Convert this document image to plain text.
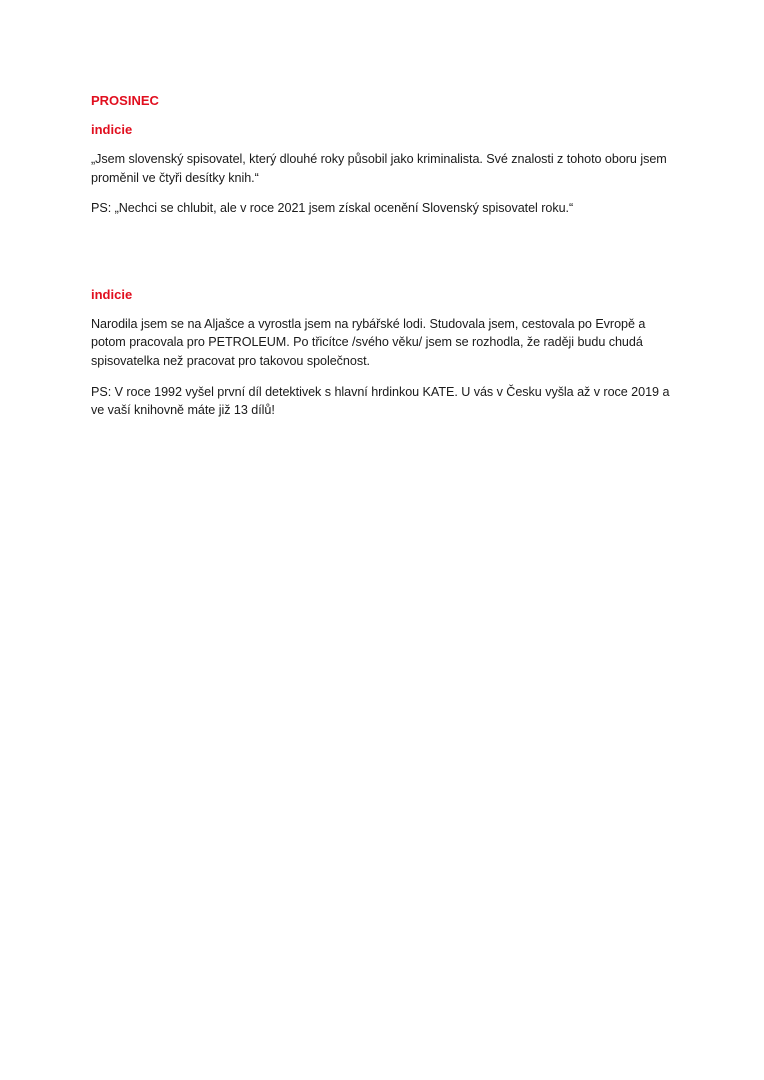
PROSINEC

indicie

„Jsem slovenský spisovatel, který dlouhé roky působil jako kriminalista. Své znalosti z tohoto oboru jsem proměnil ve čtyři desítky knih.“

PS: „Nechci se chlubit, ale v roce 2021 jsem získal ocenění Slovenský spisovatel roku.“

indicie

Narodila jsem se na Aljašce a vyrostla jsem na rybářské lodi. Studovala jsem, cestovala po Evropě a potom pracovala pro PETROLEUM. Po třicítce /svého věku/ jsem se rozhodla, že raději budu chudá spisovatelka než pracovat pro takovou společnost.

PS: V roce 1992 vyšel první díl detektivek s hlavní hrdinkou KATE. U vás v Česku vyšla až v roce 2019 a ve vaší knihovně máte již 13 dílů!
